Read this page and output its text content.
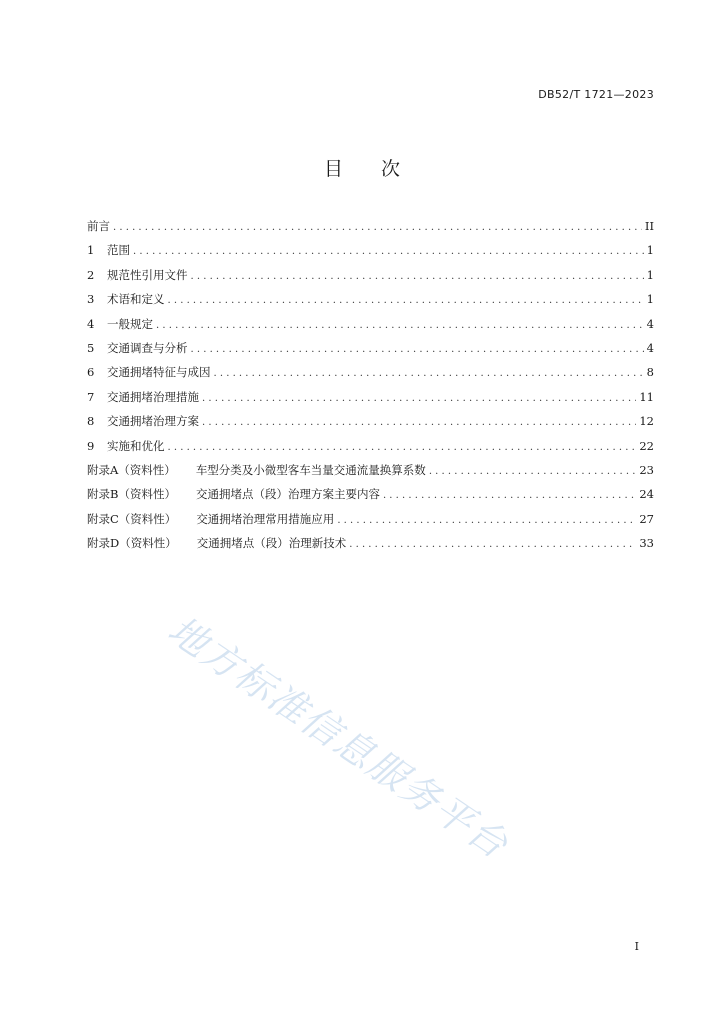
DB52/T 1721—2023
目 次
前言 . . .	II
1 范围 . . .	1
2 规范性引用文件 . . .	1
3 术语和定义 . . .	1
4 一般规定 . . .	4
5 交通调查与分析 . . .	4
6 交通拥堵特征与成因 . . .	8
7 交通拥堵治理措施 . . .	11
8 交通拥堵治理方案 . . .	12
9 实施和优化 . . .	22
附录A（资料性） 车型分类及小微型客车当量交通流量换算系数 . . .	23
附录B（资料性） 交通拥堵点（段）治理方案主要内容 . . .	24
附录C（资料性） 交通拥堵治理常用措施应用 . . .	27
附录D（资料性） 交通拥堵点（段）治理新技术 . . .	33
地方标准信息服务平台
I
